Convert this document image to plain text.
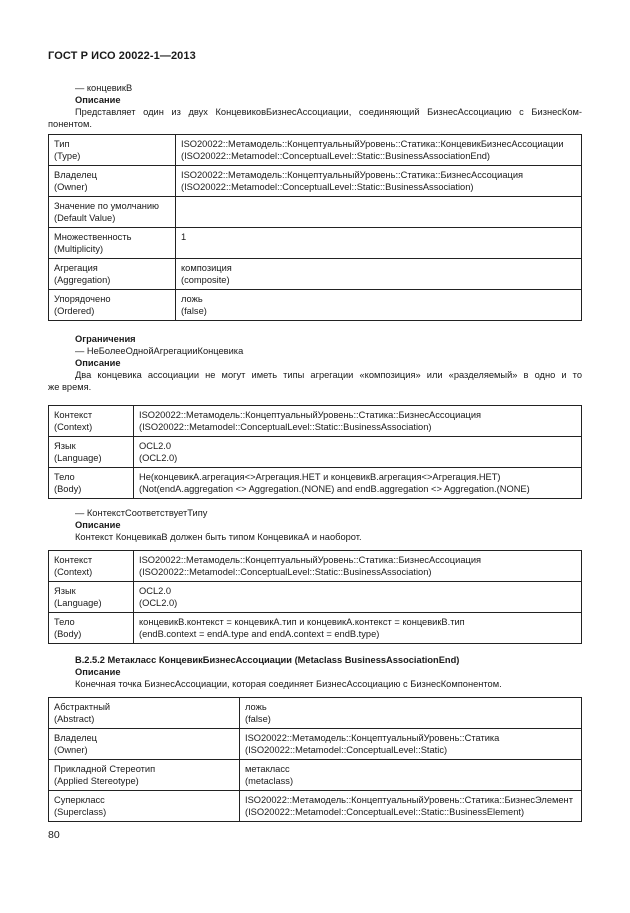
ГОСТ Р ИСО 20022-1—2013

— концевикВ

Описание

Представляет один из двух КонцевиковБизнесАссоциации, соединяющий БизнесАссоциацию с БизнесКом-

понентом.

Тип
(Type)	ISO20022::Метамодель::КонцептуальныйУровень::Статика::КонцевикБизнесАссоциации
(ISO20022::Metamodel::ConceptualLevel::Static::BusinessAssociationEnd)

Владелец
(Owner)	ISO20022::Метамодель::КонцептуальныйУровень::Статика::БизнесАссоциация
(ISO20022::Metamodel::ConceptualLevel::Static::BusinessAssociation)

Значение по умолчанию
(Default Value)	

Множественность
(Multiplicity)	1

Агрегация
(Aggregation)	композиция
(composite)

Упорядочено
(Ordered)	ложь
(false)

Ограничения

— НеБолееОднойАгрегацииКонцевика

Описание

Два концевика ассоциации не могут иметь типы агрегации «композиция» или «разделяемый» в одно и то

же время.

Контекст
(Context)	ISO20022::Метамодель::КонцептуальныйУровень::Статика::БизнесАссоциация
(ISO20022::Metamodel::ConceptualLevel::Static::BusinessAssociation)

Язык
(Language)	OCL2.0
(OCL2.0)

Тело
(Body)	Не(концевикА.агрегация<>Агрегация.НЕТ и концевикВ.агрегация<>Агрегация.НЕТ)
(Not(endA.aggregation <> Aggregation.(NONE) and endB.aggregation <> Aggregation.(NONE)

— КонтекстСоответствуетТипу

Описание

Контекст КонцевикаВ должен быть типом КонцевикаА и наоборот.

Контекст
(Context)	ISO20022::Метамодель::КонцептуальныйУровень::Статика::БизнесАссоциация
(ISO20022::Metamodel::ConceptualLevel::Static::BusinessAssociation)

Язык
(Language)	OCL2.0
(OCL2.0)

Тело
(Body)	концевикВ.контекст = концевикА.тип и концевикА.контекст = концевикВ.тип
(endB.context = endA.type and endA.context = endB.type)

В.2.5.2 Метакласс КонцевикБизнесАссоциации (Metaclass BusinessAssociationEnd)

Описание

Конечная точка БизнесАссоциации, которая соединяет БизнесАссоциацию с БизнесКомпонентом.

Абстрактный
(Abstract)	ложь
(false)

Владелец
(Owner)	ISO20022::Метамодель::КонцептуальныйУровень::Статика
(ISO20022::Metamodel::ConceptualLevel::Static)

Прикладной Стереотип
(Applied Stereotype)	метакласс
(metaclass)

Суперкласс
(Superclass)	ISO20022::Метамодель::КонцептуальныйУровень::Статика::БизнесЭлемент
(ISO20022::Metamodel::ConceptualLevel::Static::BusinessElement)
80
